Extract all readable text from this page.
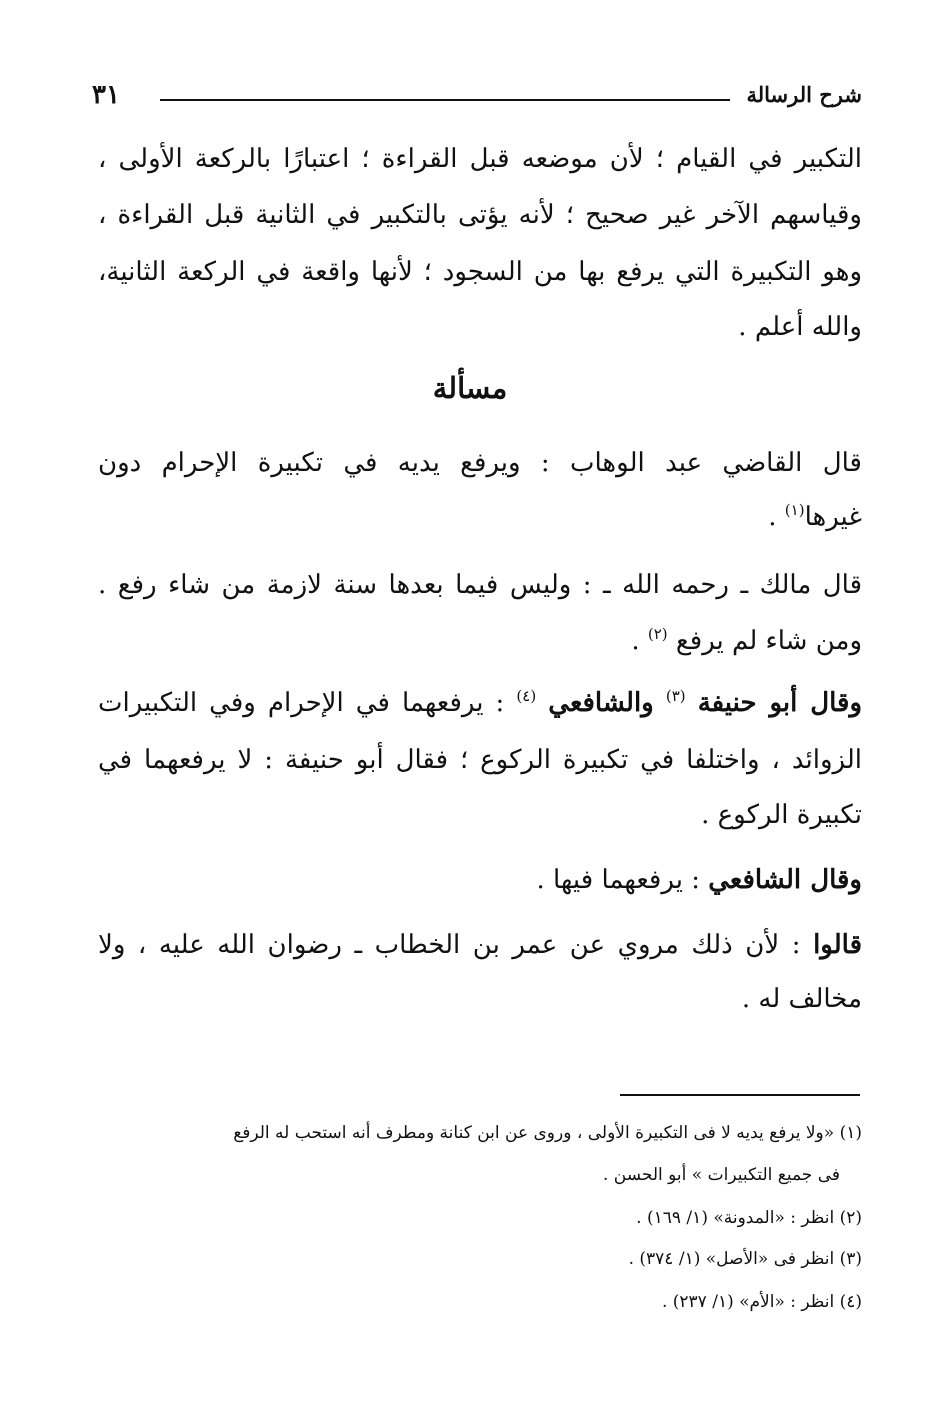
شرح الرسالة
٣١
التكبير في القيام ؛ لأن موضعه قبل القراءة ؛ اعتبارًا بالركعة الأولى ،
وقياسهم الآخر غير صحيح ؛ لأنه يؤتى بالتكبير في الثانية قبل القراءة ،
وهو التكبيرة التي يرفع بها من السجود ؛ لأنها واقعة في الركعة الثانية،
والله أعلم .
مسألة
قال القاضي عبد الوهاب : ويرفع يديه في تكبيرة الإحرام دون
غيرها$^{(١)}$ .
قال مالك ـ رحمه الله ـ : وليس فيما بعدها سنة لازمة من شاء رفع .
ومن شاء لم يرفع $^{(٢)}$ .
وقال أبو حنيفة $^{(٣)}$ والشافعي $^{(٤)}$ : يرفعهما في الإحرام وفي التكبيرات
الزوائد ، واختلفا في تكبيرة الركوع ؛ فقال أبو حنيفة : لا يرفعهما في
تكبيرة الركوع .
وقال الشافعي : يرفعهما فيها .
قالوا : لأن ذلك مروي عن عمر بن الخطاب ـ رضوان الله عليه ، ولا
مخالف له .
(١) «ولا يرفع يديه لا فى التكبيرة الأولى ، وروى عن ابن كنانة ومطرف أنه استحب له الرفع
فى جميع التكبيرات » أبو الحسن .
(٢) انظر : «المدونة» (١/ ١٦٩) .
(٣) انظر فى «الأصل» (١/ ٣٧٤) .
(٤) انظر : «الأم» (١/ ٢٣٧) .
